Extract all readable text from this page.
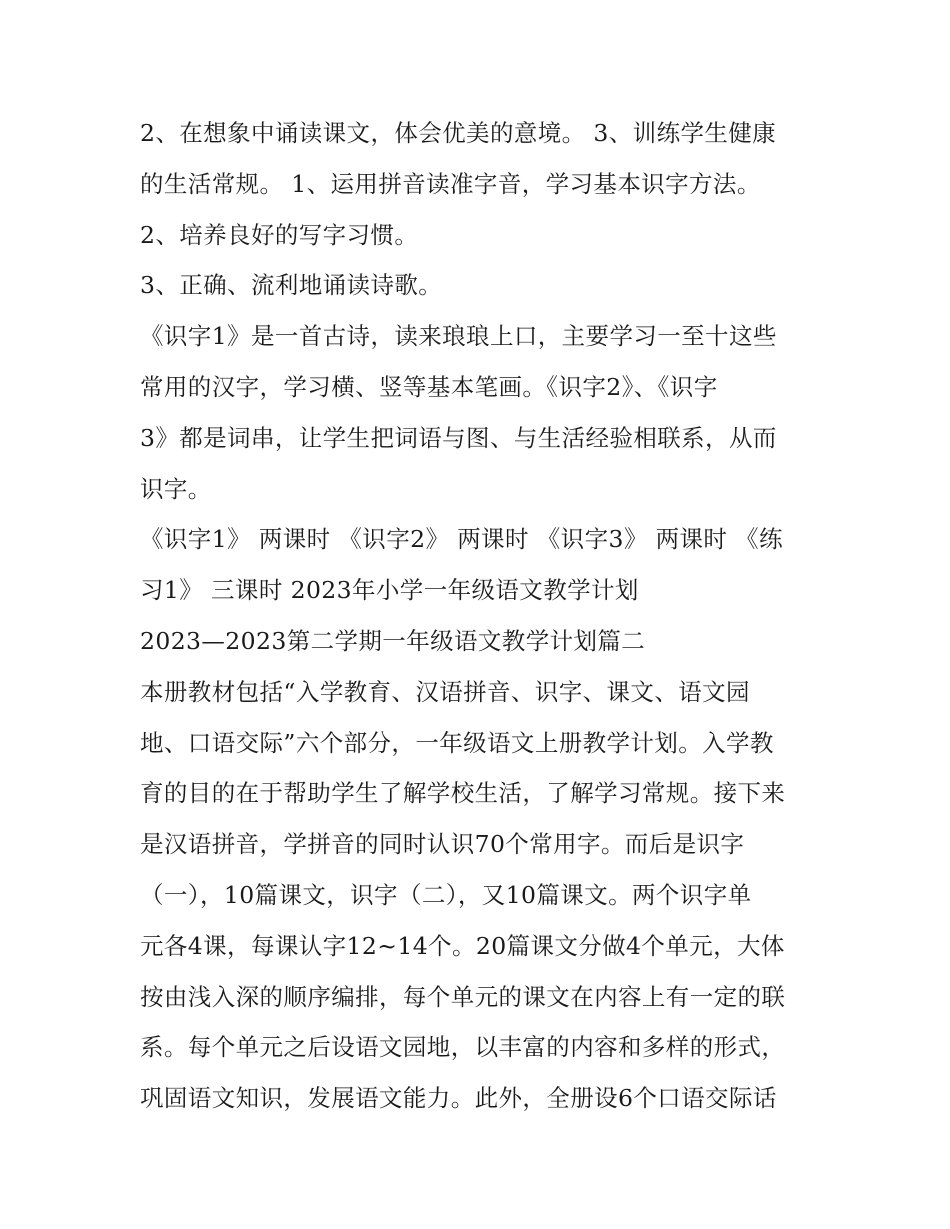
2、在想象中诵读课文，体会优美的意境。 3、训练学生健康
的生活常规。 1、运用拼音读准字音，学习基本识字方法。
2、培养良好的写字习惯。
3、正确、流利地诵读诗歌。
《识字1》是一首古诗，读来琅琅上口，主要学习一至十这些
常用的汉字，学习横、竖等基本笔画。《识字2》、《识字
3》都是词串，让学生把词语与图、与生活经验相联系，从而
识字。
《识字1》 两课时 《识字2》 两课时 《识字3》 两课时 《练
习1》 三课时 2023年小学一年级语文教学计划
2023—2023第二学期一年级语文教学计划篇二
本册教材包括“入学教育、汉语拼音、识字、课文、语文园
地、口语交际”六个部分，一年级语文上册教学计划。入学教
育的目的在于帮助学生了解学校生活，了解学习常规。接下来
是汉语拼音，学拼音的同时认识70个常用字。而后是识字
（一），10篇课文，识字（二），又10篇课文。两个识字单
元各4课，每课认字12~14个。20篇课文分做4个单元，大体
按由浅入深的顺序编排，每个单元的课文在内容上有一定的联
系。每个单元之后设语文园地，以丰富的内容和多样的形式，
巩固语文知识，发展语文能力。此外，全册设6个口语交际话
